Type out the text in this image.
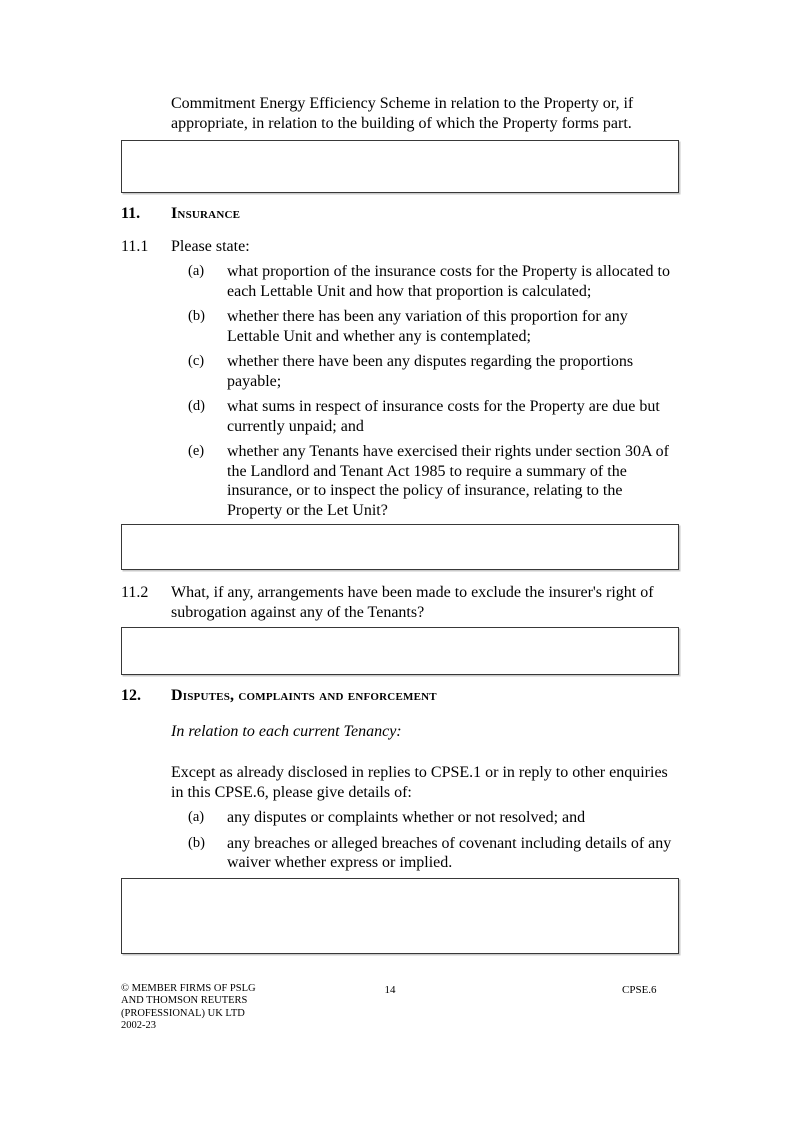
Commitment Energy Efficiency Scheme in relation to the Property or, if appropriate, in relation to the building of which the Property forms part.

11.	Insurance
11.1	Please state:
(a)	what proportion of the insurance costs for the Property is allocated to each Lettable Unit and how that proportion is calculated;
(b)	whether there has been any variation of this proportion for any Lettable Unit and whether any is contemplated;
(c)	whether there have been any disputes regarding the proportions payable;
(d)	what sums in respect of insurance costs for the Property are due but currently unpaid; and
(e)	whether any Tenants have exercised their rights under section 30A of the Landlord and Tenant Act 1985 to require a summary of the insurance, or to inspect the policy of insurance, relating to the Property or the Let Unit?
11.2	What, if any, arrangements have been made to exclude the insurer's right of subrogation against any of the Tenants?
12.	Disputes, complaints and enforcement

In relation to each current Tenancy:

Except as already disclosed in replies to CPSE.1 or in reply to other enquiries in this CPSE.6, please give details of:

(a)	any disputes or complaints whether or not resolved; and
(b)	any breaches or alleged breaches of covenant including details of any waiver whether express or implied.
© MEMBER FIRMS OF PSLG
AND THOMSON REUTERS
(PROFESSIONAL) UK LTD
2002-23
14	CPSE.6
